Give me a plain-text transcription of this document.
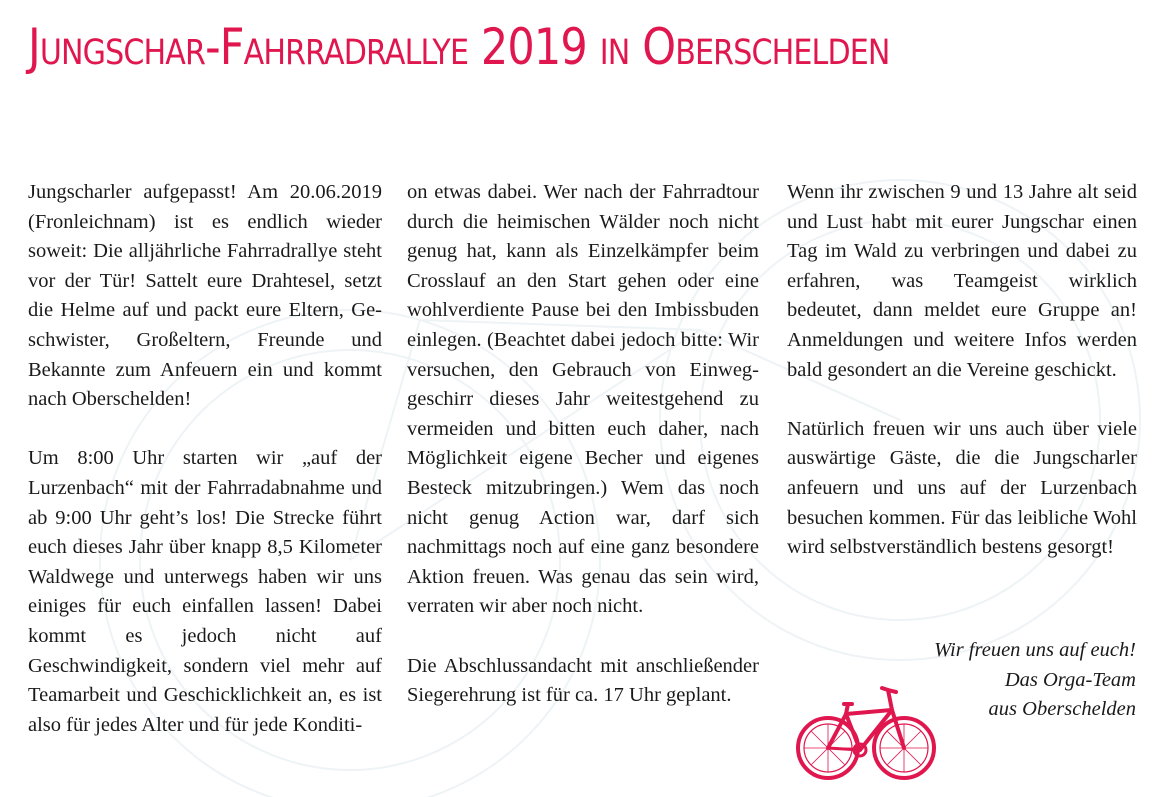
Jungschar-Fahrradrallye 2019 in Oberschelden

Jungscharler aufgepasst! Am 20.06.2019 (Fronleichnam) ist es endlich wieder soweit: Die alljährliche Fahrradrallye steht vor der Tür! Sattelt eure Drahtesel, setzt die Helme auf und packt eure Eltern, Geschwister, Großeltern, Freunde und Bekannte zum Anfeuern ein und kommt nach Oberschelden!

Um 8:00 Uhr starten wir „auf der Lurzenbach“ mit der Fahrradabnahme und ab 9:00 Uhr geht’s los! Die Strecke führt euch dieses Jahr über knapp 8,5 Kilometer Waldwege und unterwegs haben wir uns einiges für euch einfallen lassen! Dabei kommt es jedoch nicht auf Geschwindigkeit, sondern viel mehr auf Teamarbeit und Geschicklichkeit an, es ist also für jedes Alter und für jede Konditi-

on etwas dabei. Wer nach der Fahrradtour durch die heimischen Wälder noch nicht genug hat, kann als Einzelkämpfer beim Crosslauf an den Start gehen oder eine wohlverdiente Pause bei den Imbissbuden einlegen. (Beachtet dabei jedoch bitte: Wir versuchen, den Gebrauch von Einweggeschirr dieses Jahr weitestgehend zu vermeiden und bitten euch daher, nach Möglichkeit eigene Becher und eigenes Besteck mitzubringen.) Wem das noch nicht genug Action war, darf sich nachmittags noch auf eine ganz besondere Aktion freuen. Was genau das sein wird, verraten wir aber noch nicht.

Die Abschlussandacht mit anschließender Siegerehrung ist für ca. 17 Uhr geplant.

Wenn ihr zwischen 9 und 13 Jahre alt seid und Lust habt mit eurer Jungschar einen Tag im Wald zu verbringen und dabei zu erfahren, was Teamgeist wirklich bedeutet, dann meldet eure Gruppe an! Anmeldungen und weitere Infos werden bald gesondert an die Vereine geschickt.

Natürlich freuen wir uns auch über viele auswärtige Gäste, die die Jungscharler anfeuern und uns auf der Lurzenbach besuchen kommen. Für das leibliche Wohl wird selbstverständlich bestens gesorgt!

Wir freuen uns auf euch!
Das Orga-Team
aus Oberschelden
